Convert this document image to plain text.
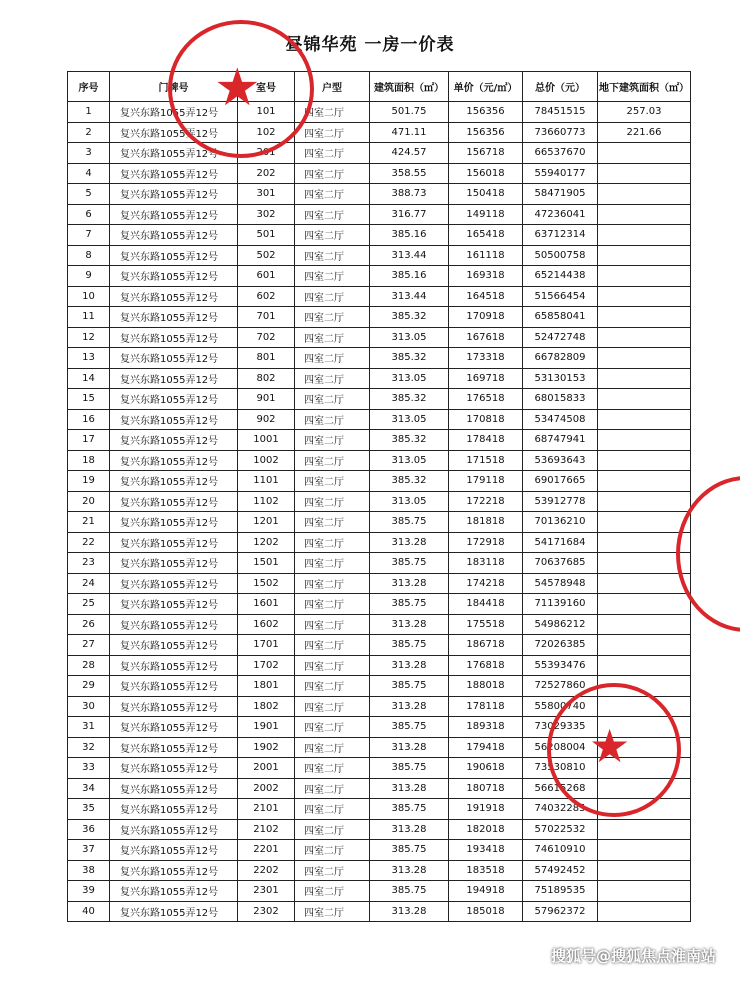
昼锦华苑 一房一价表
序号	门牌号	室号	户型	建筑面积（㎡）	单价（元/㎡）	总价（元）	地下建筑面积（㎡）
1	复兴东路1055弄12号	101	四室二厅	501.75	156356	78451515	257.03
2	复兴东路1055弄12号	102	四室二厅	471.11	156356	73660773	221.66
3	复兴东路1055弄12号	201	四室二厅	424.57	156718	66537670	
4	复兴东路1055弄12号	202	四室二厅	358.55	156018	55940177	
5	复兴东路1055弄12号	301	四室二厅	388.73	150418	58471905	
6	复兴东路1055弄12号	302	四室二厅	316.77	149118	47236041	
7	复兴东路1055弄12号	501	四室二厅	385.16	165418	63712314	
8	复兴东路1055弄12号	502	四室二厅	313.44	161118	50500758	
9	复兴东路1055弄12号	601	四室二厅	385.16	169318	65214438	
10	复兴东路1055弄12号	602	四室二厅	313.44	164518	51566454	
11	复兴东路1055弄12号	701	四室二厅	385.32	170918	65858041	
12	复兴东路1055弄12号	702	四室二厅	313.05	167618	52472748	
13	复兴东路1055弄12号	801	四室二厅	385.32	173318	66782809	
14	复兴东路1055弄12号	802	四室二厅	313.05	169718	53130153	
15	复兴东路1055弄12号	901	四室二厅	385.32	176518	68015833	
16	复兴东路1055弄12号	902	四室二厅	313.05	170818	53474508	
17	复兴东路1055弄12号	1001	四室二厅	385.32	178418	68747941	
18	复兴东路1055弄12号	1002	四室二厅	313.05	171518	53693643	
19	复兴东路1055弄12号	1101	四室二厅	385.32	179118	69017665	
20	复兴东路1055弄12号	1102	四室二厅	313.05	172218	53912778	
21	复兴东路1055弄12号	1201	四室二厅	385.75	181818	70136210	
22	复兴东路1055弄12号	1202	四室二厅	313.28	172918	54171684	
23	复兴东路1055弄12号	1501	四室二厅	385.75	183118	70637685	
24	复兴东路1055弄12号	1502	四室二厅	313.28	174218	54578948	
25	复兴东路1055弄12号	1601	四室二厅	385.75	184418	71139160	
26	复兴东路1055弄12号	1602	四室二厅	313.28	175518	54986212	
27	复兴东路1055弄12号	1701	四室二厅	385.75	186718	72026385	
28	复兴东路1055弄12号	1702	四室二厅	313.28	176818	55393476	
29	复兴东路1055弄12号	1801	四室二厅	385.75	188018	72527860	
30	复兴东路1055弄12号	1802	四室二厅	313.28	178118	55800740	
31	复兴东路1055弄12号	1901	四室二厅	385.75	189318	73029335	
32	复兴东路1055弄12号	1902	四室二厅	313.28	179418	56208004	
33	复兴东路1055弄12号	2001	四室二厅	385.75	190618	73530810	
34	复兴东路1055弄12号	2002	四室二厅	313.28	180718	56615268	
35	复兴东路1055弄12号	2101	四室二厅	385.75	191918	74032285	
36	复兴东路1055弄12号	2102	四室二厅	313.28	182018	57022532	
37	复兴东路1055弄12号	2201	四室二厅	385.75	193418	74610910	
38	复兴东路1055弄12号	2202	四室二厅	313.28	183518	57492452	
39	复兴东路1055弄12号	2301	四室二厅	385.75	194918	75189535	
40	复兴东路1055弄12号	2302	四室二厅	313.28	185018	57962372	
★
★
搜狐号@搜狐焦点淮南站
